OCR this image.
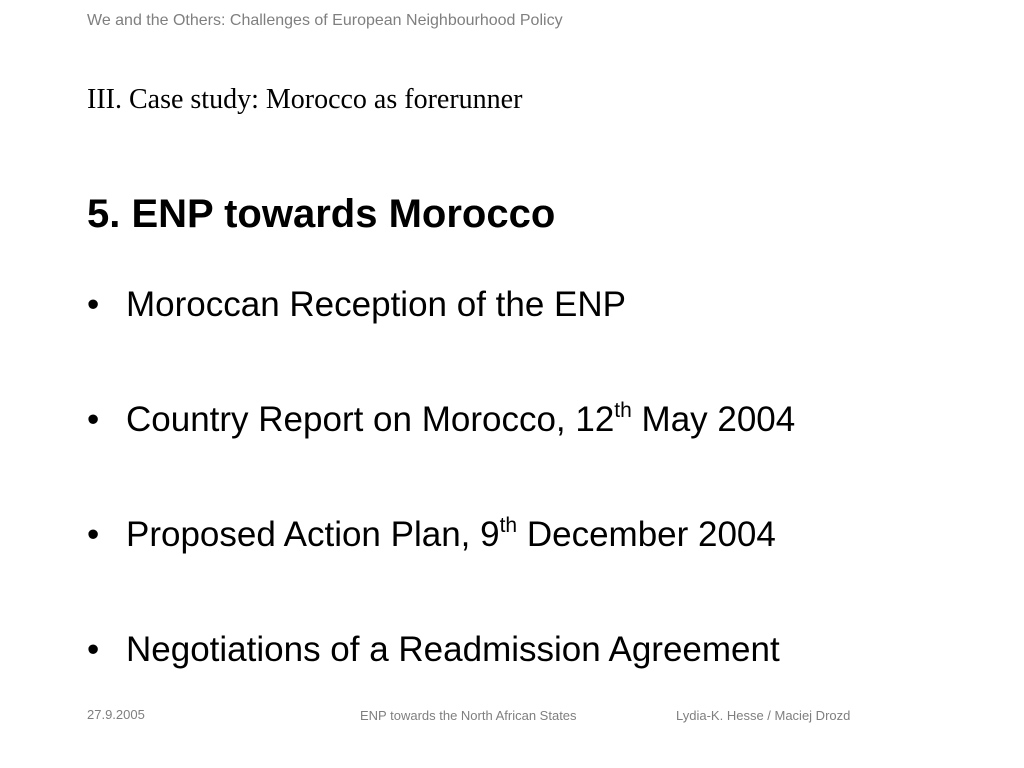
We and the Others: Challenges of European Neighbourhood Policy
III. Case study: Morocco as forerunner
5. ENP towards Morocco
• Moroccan Reception of the ENP
• Country Report on Morocco, 12th May 2004
• Proposed Action Plan, 9th December 2004
• Negotiations of a Readmission Agreement
27.9.2005	ENP towards the North African States	Lydia-K. Hesse / Maciej Drozd
